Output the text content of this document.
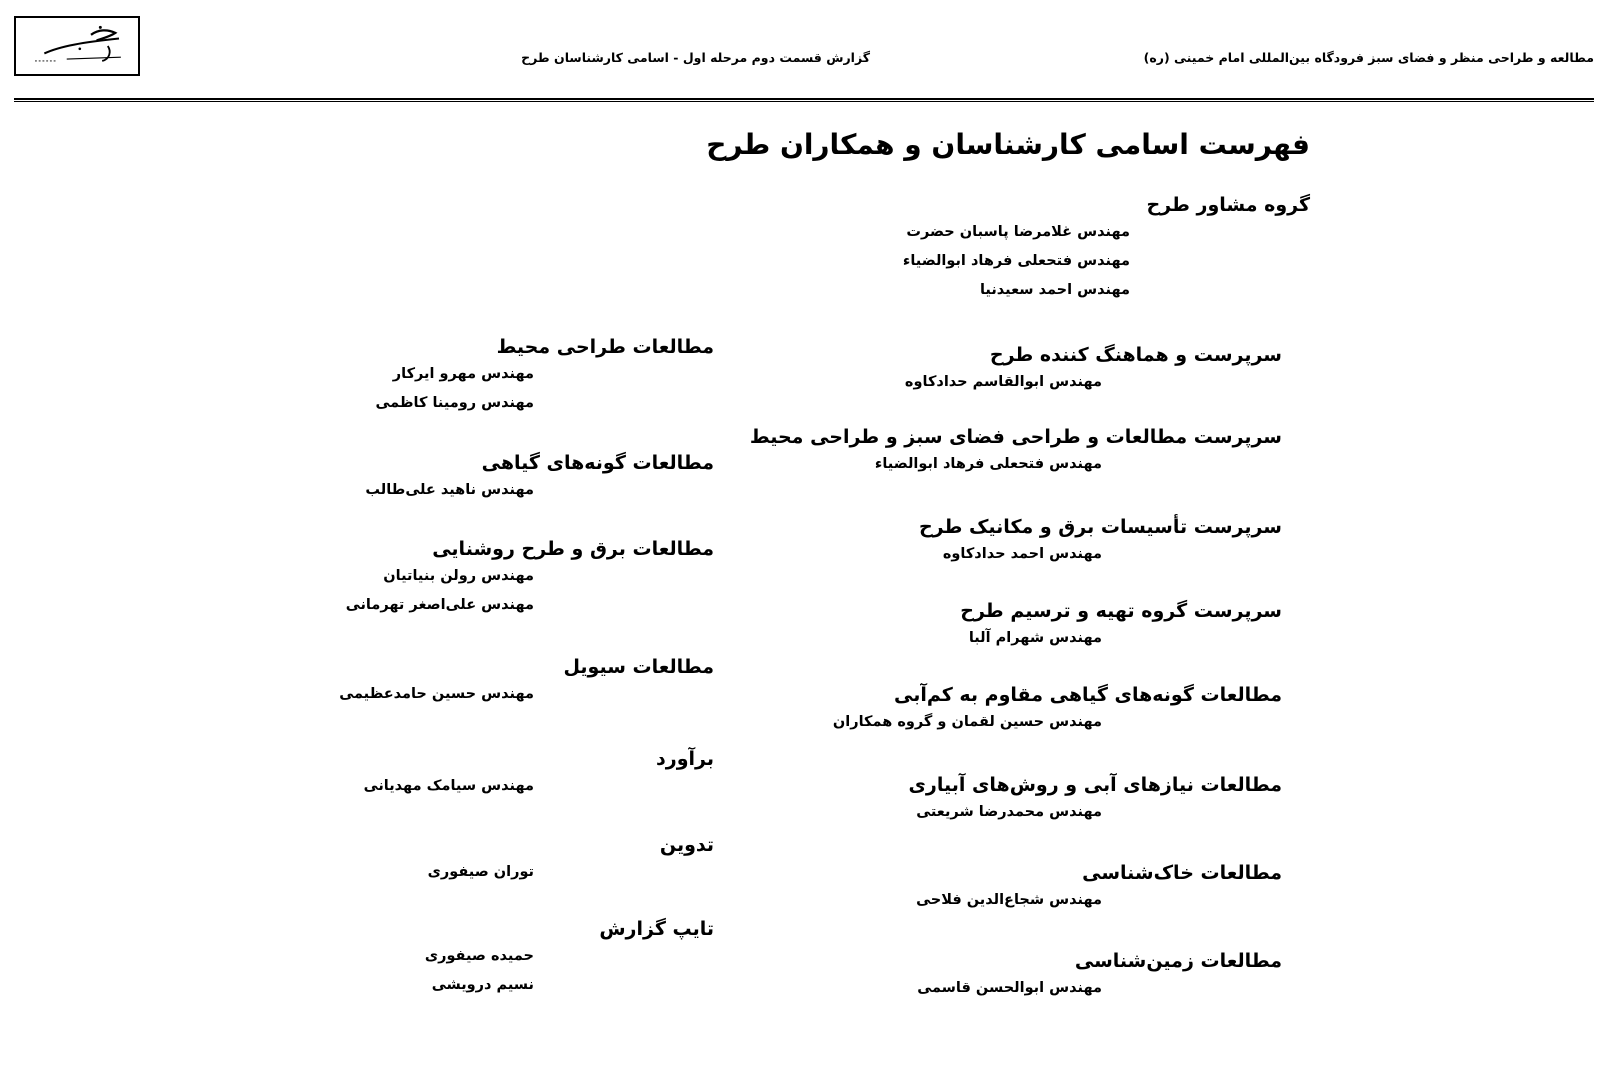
مطالعه و طراحی منظر و فضای سبز فرودگاه بین‌المللی امام خمینی (ره)
گزارش قسمت دوم مرحله اول - اسامی کارشناسان طرح
فهرست اسامی کارشناسان و همکاران طرح
گروه مشاور طرح
مهندس غلامرضا پاسبان حضرت
مهندس فتحعلی فرهاد ابوالضیاء
مهندس احمد سعیدنیا
سرپرست و هماهنگ کننده طرح
مهندس ابوالقاسم حدادکاوه
سرپرست مطالعات و طراحی فضای سبز و طراحی محیط
مهندس فتحعلی فرهاد ابوالضیاء
سرپرست تأسیسات برق و مکانیک طرح
مهندس احمد حدادکاوه
سرپرست گروه تهیه و ترسیم طرح
مهندس شهرام آلبا
مطالعات گونه‌های گیاهی مقاوم به کم‌آبی
مهندس حسین لقمان و گروه همکاران
مطالعات نیازهای آبی و روش‌های آبیاری
مهندس محمدرضا شریعتی
مطالعات خاک‌شناسی
مهندس شجاع‌الدین فلاحی
مطالعات زمین‌شناسی
مهندس ابوالحسن قاسمی
مطالعات طراحی محیط
مهندس مهرو ایرکار
مهندس رومینا کاظمی
مطالعات گونه‌های گیاهی
مهندس ناهید علی‌طالب
مطالعات برق و طرح روشنایی
مهندس رولن بنیاتیان
مهندس علی‌اصغر تهرمانی
مطالعات سیویل
مهندس حسین حامدعظیمی
برآورد
مهندس سیامک مهدیانی
تدوین
توران صیفوری
تایپ گزارش
حمیده صیفوری
نسیم درویشی
